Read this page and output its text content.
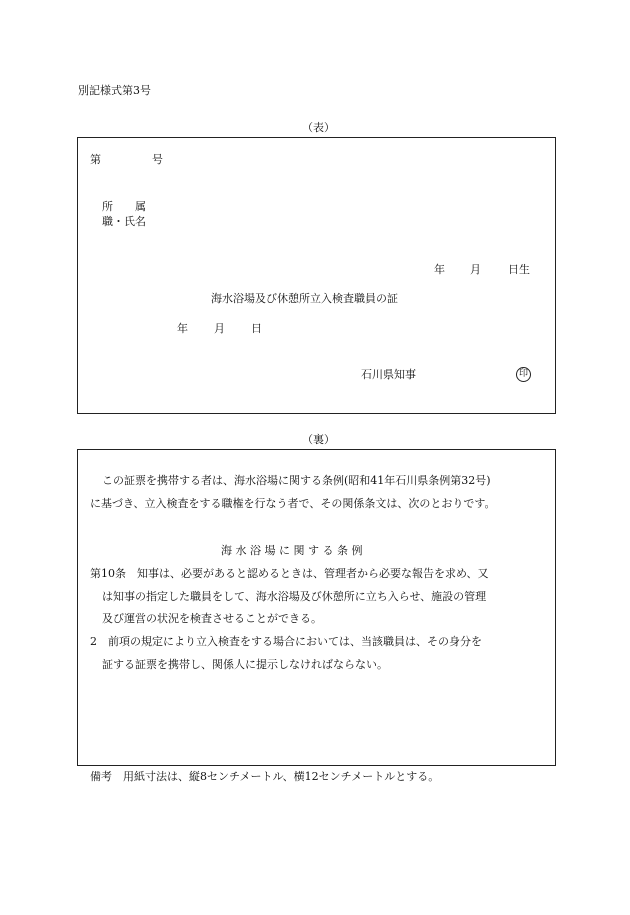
別記様式第3号
（表）
第	号
所　　属
職・氏名
年 月 日生
海水浴場及び休憩所立入検査職員の証
年 月 日
石川県知事	印
（裏）
この証票を携帯する者は、海水浴場に関する条例(昭和41年石川県条例第32号)
に基づき、立入検査をする職権を行なう者で、その関係条文は、次のとおりです。
海 水 浴 場 に 関 す る 条 例
第10条　知事は、必要があると認めるときは、管理者から必要な報告を求め、又
は知事の指定した職員をして、海水浴場及び休憩所に立ち入らせ、施設の管理
及び運営の状況を検査させることができる。
2　前項の規定により立入検査をする場合においては、当該職員は、その身分を
証する証票を携帯し、関係人に提示しなければならない。
備考　用紙寸法は、縦8センチメートル、横12センチメートルとする。
